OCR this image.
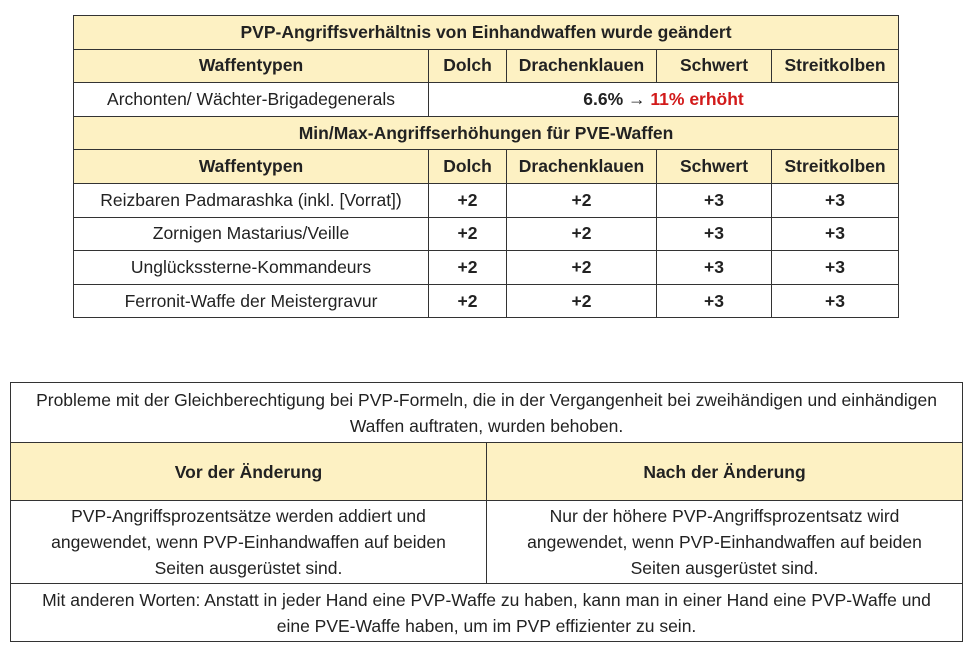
PVP-Angriffsverhältnis von Einhandwaffen wurde geändert				
Waffentypen	Dolch	Drachenklauen	Schwert	Streitkolben
Archonten/ Wächter-Brigadegenerals	6.6% → 11% erhöht			
Min/Max-Angriffserhöhungen für PVE-Waffen				
Waffentypen	Dolch	Drachenklauen	Schwert	Streitkolben
Reizbaren Padmarashka (inkl. [Vorrat])	+2	+2	+3	+3
Zornigen Mastarius/Veille	+2	+2	+3	+3
Unglückssterne-Kommandeurs	+2	+2	+3	+3
Ferronit-Waffe der Meistergravur	+2	+2	+3	+3
Probleme mit der Gleichberechtigung bei PVP-Formeln, die in der Vergangenheit bei zweihändigen und einhändigen Waffen auftraten, wurden behoben.	
Vor der Änderung	Nach der Änderung
PVP-Angriffsprozentsätze werden addiert und angewendet, wenn PVP-Einhandwaffen auf beiden Seiten ausgerüstet sind.	Nur der höhere PVP-Angriffsprozentsatz wird angewendet, wenn PVP-Einhandwaffen auf beiden Seiten ausgerüstet sind.
Mit anderen Worten: Anstatt in jeder Hand eine PVP-Waffe zu haben, kann man in einer Hand eine PVP-Waffe und eine PVE-Waffe haben, um im PVP effizienter zu sein.	
